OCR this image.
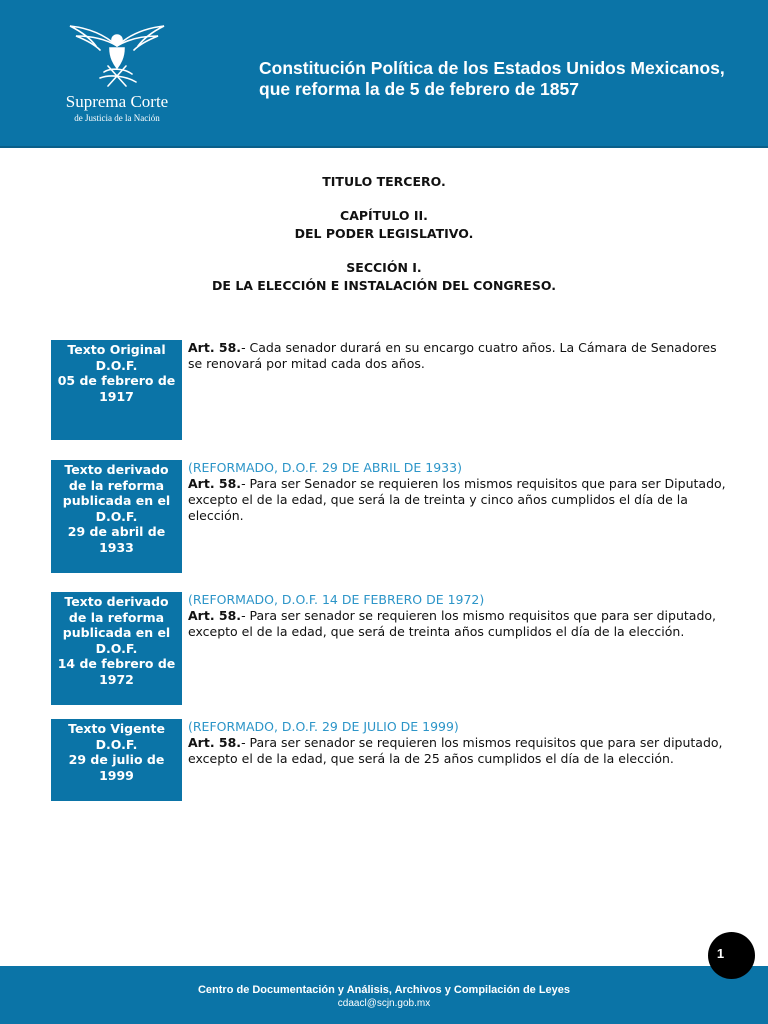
Suprema Corte
de Justicia de la Nación
Constitución Política de los Estados Unidos Mexicanos,
que reforma la de 5 de febrero de 1857
TITULO TERCERO.
CAPÍTULO II.
DEL PODER LEGISLATIVO.
SECCIÓN I.
DE LA ELECCIÓN E INSTALACIÓN DEL CONGRESO.
Texto Original
D.O.F.
05 de febrero de
1917
Art. 58.- Cada senador durará en su encargo cuatro años. La Cámara de Senadores se renovará por mitad cada dos años.
Texto derivado
de la reforma
publicada en el
D.O.F.
29 de abril de
1933
(REFORMADO, D.O.F. 29 DE ABRIL DE 1933)
Art. 58.- Para ser Senador se requieren los mismos requisitos que para ser Diputado, excepto el de la edad, que será la de treinta y cinco años cumplidos el día de la elección.
Texto derivado
de la reforma
publicada en el
D.O.F.
14 de febrero de
1972
(REFORMADO, D.O.F. 14 DE FEBRERO DE 1972)
Art. 58.- Para ser senador se requieren los mismo requisitos que para ser diputado, excepto el de la edad, que será de treinta años cumplidos el día de la elección.
Texto Vigente
D.O.F.
29 de julio de
1999
(REFORMADO, D.O.F. 29 DE JULIO DE 1999)
Art. 58.- Para ser senador se requieren los mismos requisitos que para ser diputado, excepto el de la edad, que será la de 25 años cumplidos el día de la elección.
Centro de Documentación y Análisis, Archivos y Compilación de Leyes
cdaacl@scjn.gob.mx
1
